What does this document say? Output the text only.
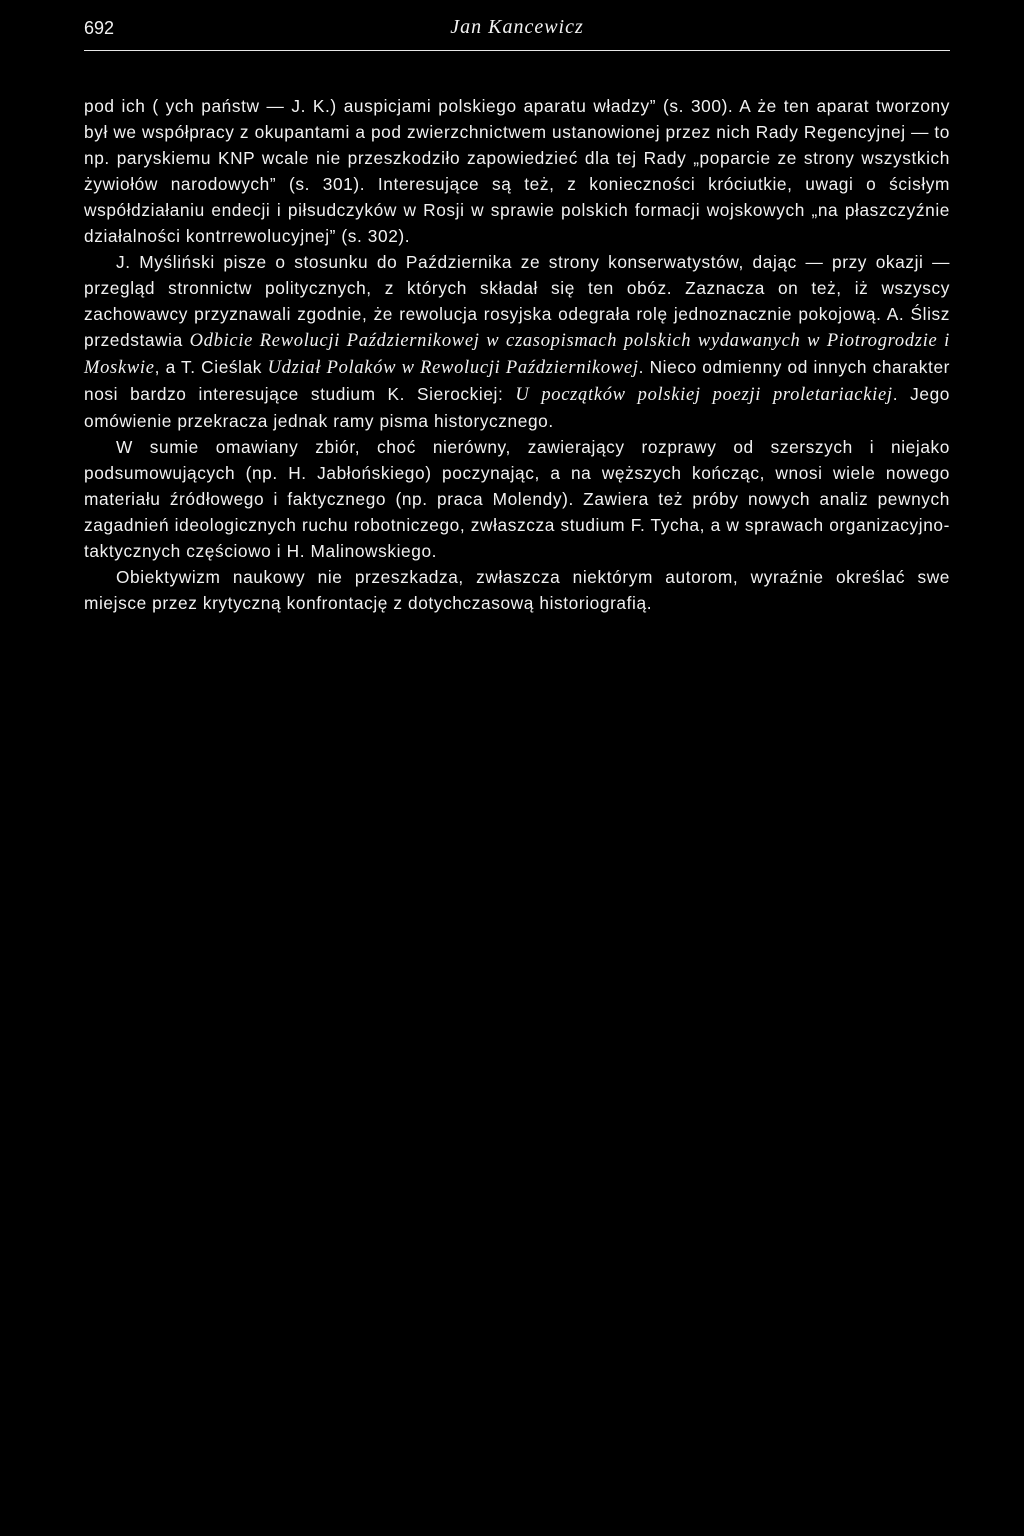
692	Jan Kancewicz

pod ich ( ych państw — J. K.) auspicjami polskiego aparatu władzy” (s. 300). A że ten aparat tworzony był we współpracy z okupantami a pod zwierzchnictwem ustanowionej przez nich Rady Regencyjnej — to np. paryskiemu KNP wcale nie przeszkodziło zapowiedzieć dla tej Rady „poparcie ze strony wszystkich żywiołów narodowych” (s. 301). Interesujące są też, z konieczności króciutkie, uwagi o ścisłym współdziałaniu endecji i piłsudczyków w Rosji w sprawie polskich formacji wojskowych „na płaszczyźnie działalności kontrrewolucyjnej” (s. 302).

J. Myśliński pisze o stosunku do Października ze strony konserwatystów, dając — przy okazji — przegląd stronnictw politycznych, z których składał się ten obóz. Zaznacza on też, iż wszyscy zachowawcy przyznawali zgodnie, że rewolucja rosyjska odegrała rolę jednoznacznie pokojową. A. Ślisz przedstawia Odbicie Rewolucji Październikowej w czasopismach polskich wydawanych w Piotrogrodzie i Moskwie, a T. Cieślak Udział Polaków w Rewolucji Październikowej. Nieco odmienny od innych charakter nosi bardzo interesujące studium K. Sierockiej: U początków polskiej poezji proletariackiej. Jego omówienie przekracza jednak ramy pisma historycznego.

W sumie omawiany zbiór, choć nierówny, zawierający rozprawy od szerszych i niejako podsumowujących (np. H. Jabłońskiego) poczynając, a na węższych kończąc, wnosi wiele nowego materiału źródłowego i faktycznego (np. praca Molendy). Zawiera też próby nowych analiz pewnych zagadnień ideologicznych ruchu robotniczego, zwłaszcza studium F. Tycha, a w sprawach organizacyjno-taktycznych częściowo i H. Malinowskiego.

Obiektywizm naukowy nie przeszkadza, zwłaszcza niektórym autorom, wyraźnie określać swe miejsce przez krytyczną konfrontację z dotychczasową historiografią.
